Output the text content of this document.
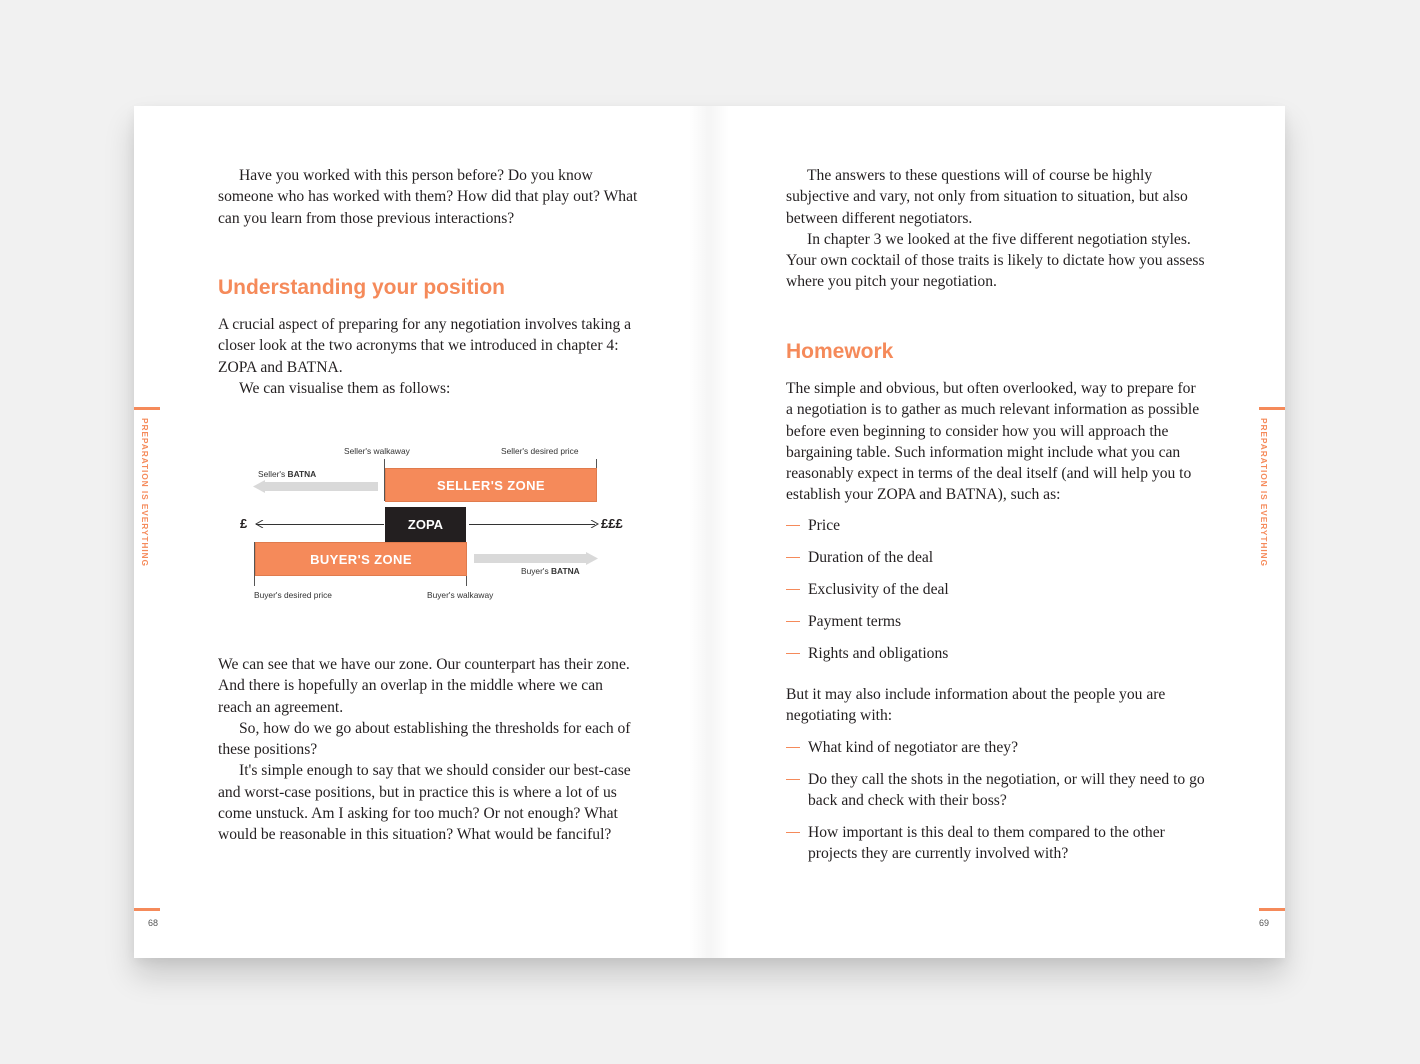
Have you worked with this person before? Do you know someone who has worked with them? How did that play out? What can you learn from those previous interactions?

Understanding your position

A crucial aspect of preparing for any negotiation involves taking a closer look at the two acronyms that we introduced in chapter 4: ZOPA and BATNA.

We can visualise them as follows:

Seller's walkaway	Seller's desired price
Seller's BATNA
SELLER'S ZONE
£	ZOPA	£££
BUYER'S ZONE
Buyer's BATNA
Buyer's desired price	Buyer's walkaway

We can see that we have our zone. Our counterpart has their zone. And there is hopefully an overlap in the middle where we can reach an agreement.

So, how do we go about establishing the thresholds for each of these positions?

It's simple enough to say that we should consider our best-case and worst-case positions, but in practice this is where a lot of us come unstuck. Am I asking for too much? Or not enough? What would be reasonable in this situation? What would be fanciful?

PREPARATION IS EVERYTHING
68

The answers to these questions will of course be highly subjective and vary, not only from situation to situation, but also between different negotiators.

In chapter 3 we looked at the five different negotiation styles. Your own cocktail of those traits is likely to dictate how you assess where you pitch your negotiation.

Homework

The simple and obvious, but often overlooked, way to prepare for a negotiation is to gather as much relevant information as possible before even beginning to consider how you will approach the bargaining table. Such information might include what you can reasonably expect in terms of the deal itself (and will help you to establish your ZOPA and BATNA), such as:

Price
Duration of the deal
Exclusivity of the deal
Payment terms
Rights and obligations

But it may also include information about the people you are negotiating with:

What kind of negotiator are they?
Do they call the shots in the negotiation, or will they need to go back and check with their boss?
How important is this deal to them compared to the other projects they are currently involved with?
PREPARATION IS EVERYTHING
69
